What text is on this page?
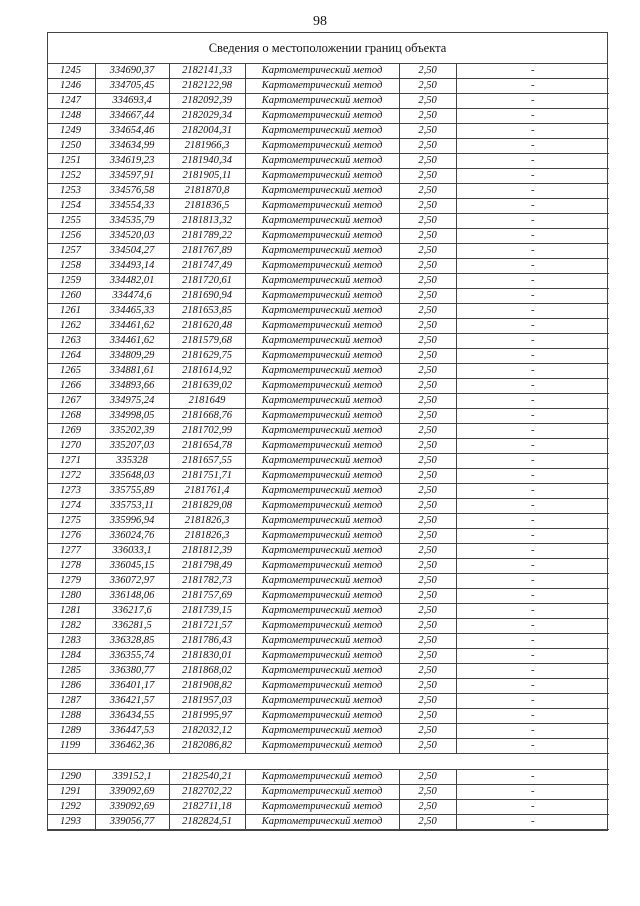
98
Сведения о местоположении границ объекта
1245	334690,37	2182141,33	Картометрический метод	2,50	-
1246	334705,45	2182122,98	Картометрический метод	2,50	-
1247	334693,4	2182092,39	Картометрический метод	2,50	-
1248	334667,44	2182029,34	Картометрический метод	2,50	-
1249	334654,46	2182004,31	Картометрический метод	2,50	-
1250	334634,99	2181966,3	Картометрический метод	2,50	-
1251	334619,23	2181940,34	Картометрический метод	2,50	-
1252	334597,91	2181905,11	Картометрический метод	2,50	-
1253	334576,58	2181870,8	Картометрический метод	2,50	-
1254	334554,33	2181836,5	Картометрический метод	2,50	-
1255	334535,79	2181813,32	Картометрический метод	2,50	-
1256	334520,03	2181789,22	Картометрический метод	2,50	-
1257	334504,27	2181767,89	Картометрический метод	2,50	-
1258	334493,14	2181747,49	Картометрический метод	2,50	-
1259	334482,01	2181720,61	Картометрический метод	2,50	-
1260	334474,6	2181690,94	Картометрический метод	2,50	-
1261	334465,33	2181653,85	Картометрический метод	2,50	-
1262	334461,62	2181620,48	Картометрический метод	2,50	-
1263	334461,62	2181579,68	Картометрический метод	2,50	-
1264	334809,29	2181629,75	Картометрический метод	2,50	-
1265	334881,61	2181614,92	Картометрический метод	2,50	-
1266	334893,66	2181639,02	Картометрический метод	2,50	-
1267	334975,24	2181649	Картометрический метод	2,50	-
1268	334998,05	2181668,76	Картометрический метод	2,50	-
1269	335202,39	2181702,99	Картометрический метод	2,50	-
1270	335207,03	2181654,78	Картометрический метод	2,50	-
1271	335328	2181657,55	Картометрический метод	2,50	-
1272	335648,03	2181751,71	Картометрический метод	2,50	-
1273	335755,89	2181761,4	Картометрический метод	2,50	-
1274	335753,11	2181829,08	Картометрический метод	2,50	-
1275	335996,94	2181826,3	Картометрический метод	2,50	-
1276	336024,76	2181826,3	Картометрический метод	2,50	-
1277	336033,1	2181812,39	Картометрический метод	2,50	-
1278	336045,15	2181798,49	Картометрический метод	2,50	-
1279	336072,97	2181782,73	Картометрический метод	2,50	-
1280	336148,06	2181757,69	Картометрический метод	2,50	-
1281	336217,6	2181739,15	Картометрический метод	2,50	-
1282	336281,5	2181721,57	Картометрический метод	2,50	-
1283	336328,85	2181786,43	Картометрический метод	2,50	-
1284	336355,74	2181830,01	Картометрический метод	2,50	-
1285	336380,77	2181868,02	Картометрический метод	2,50	-
1286	336401,17	2181908,82	Картометрический метод	2,50	-
1287	336421,57	2181957,03	Картометрический метод	2,50	-
1288	336434,55	2181995,97	Картометрический метод	2,50	-
1289	336447,53	2182032,12	Картометрический метод	2,50	-
1199	336462,36	2182086,82	Картометрический метод	2,50	-

1290	339152,1	2182540,21	Картометрический метод	2,50	-
1291	339092,69	2182702,22	Картометрический метод	2,50	-
1292	339092,69	2182711,18	Картометрический метод	2,50	-
1293	339056,77	2182824,51	Картометрический метод	2,50	-
